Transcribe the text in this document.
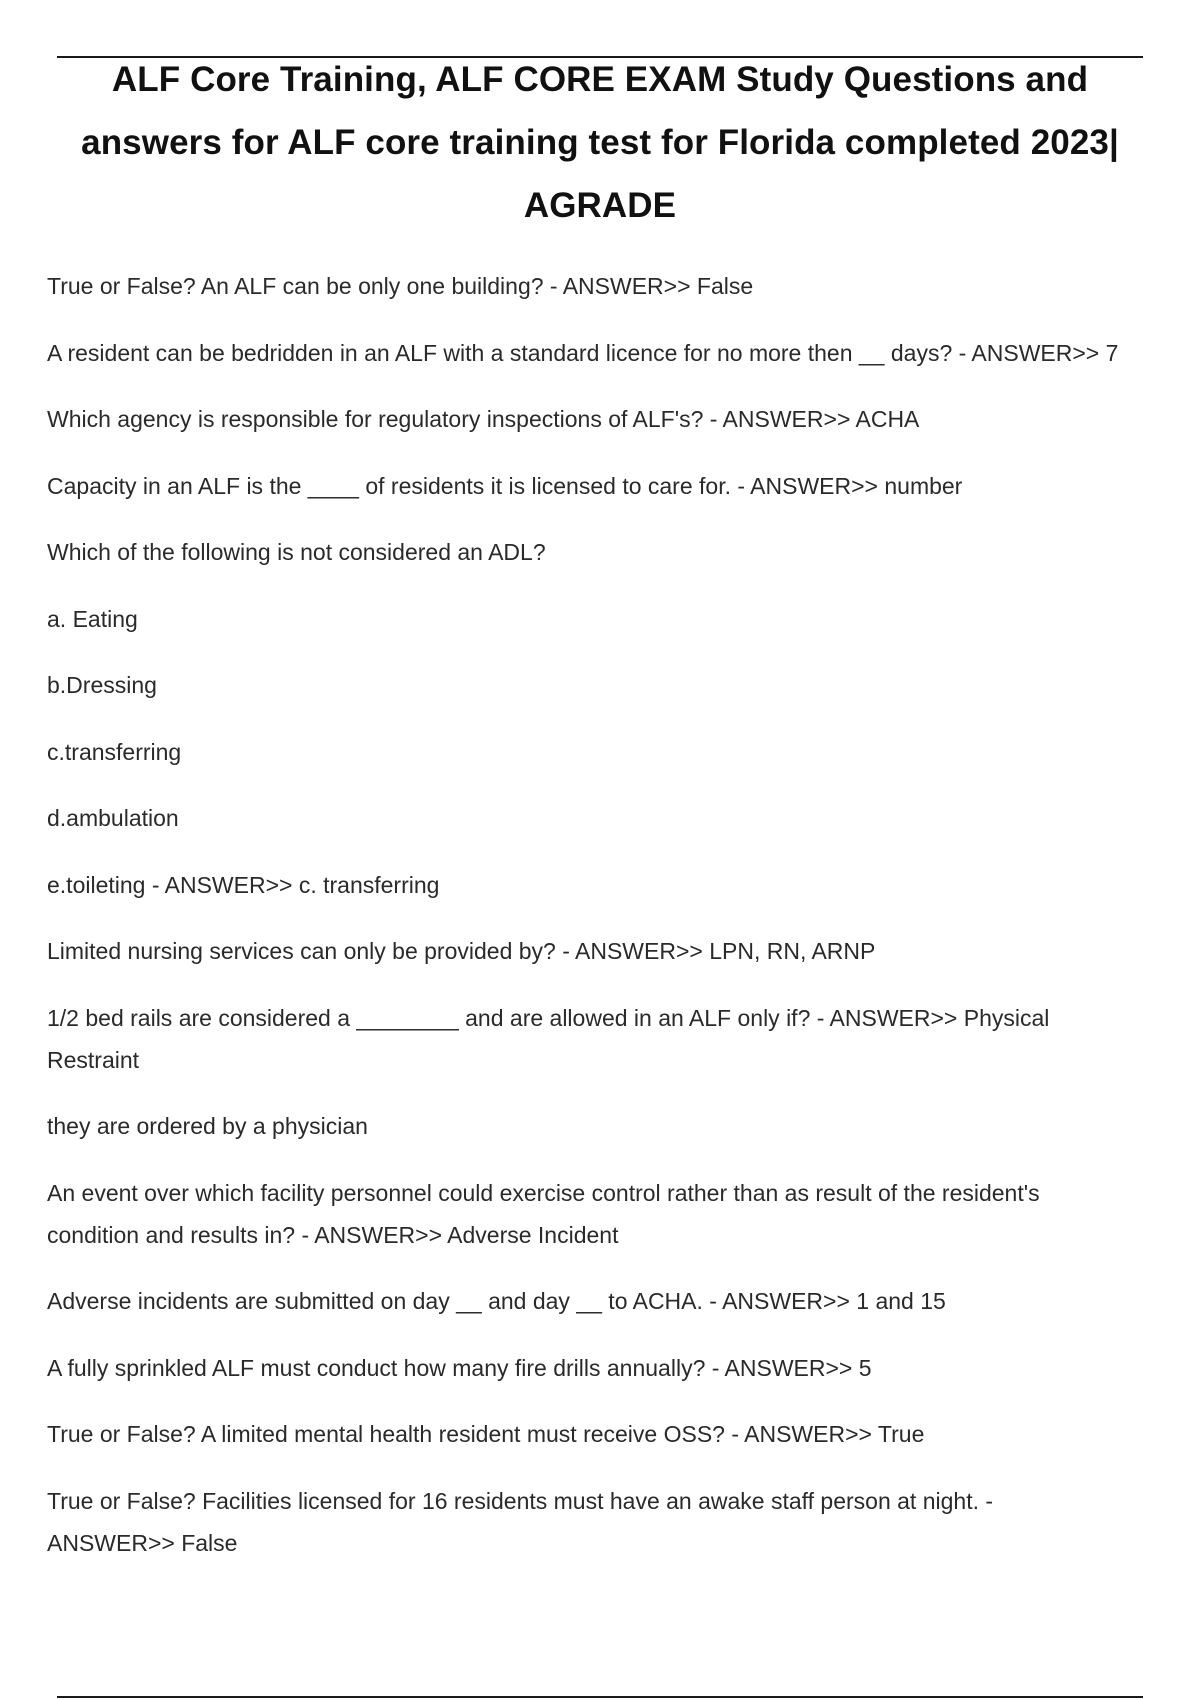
ALF Core Training, ALF CORE EXAM Study Questions and
answers for ALF core training test for Florida completed 2023|
AGRADE

True or False? An ALF can be only one building? - ANSWER>> False

A resident can be bedridden in an ALF with a standard licence for no more then __ days? - ANSWER>> 7

Which agency is responsible for regulatory inspections of ALF's? - ANSWER>> ACHA

Capacity in an ALF is the ____ of residents it is licensed to care for. - ANSWER>> number

Which of the following is not considered an ADL?

a. Eating

b.Dressing

c.transferring

d.ambulation

e.toileting - ANSWER>> c. transferring

Limited nursing services can only be provided by? - ANSWER>> LPN, RN, ARNP

1/2 bed rails are considered a ________ and are allowed in an ALF only if? - ANSWER>> Physical
Restraint

they are ordered by a physician

An event over which facility personnel could exercise control rather than as result of the resident's
condition and results in? - ANSWER>> Adverse Incident

Adverse incidents are submitted on day __ and day __ to ACHA. - ANSWER>> 1 and 15

A fully sprinkled ALF must conduct how many fire drills annually? - ANSWER>> 5

True or False? A limited mental health resident must receive OSS? - ANSWER>> True

True or False? Facilities licensed for 16 residents must have an awake staff person at night. -
ANSWER>> False
